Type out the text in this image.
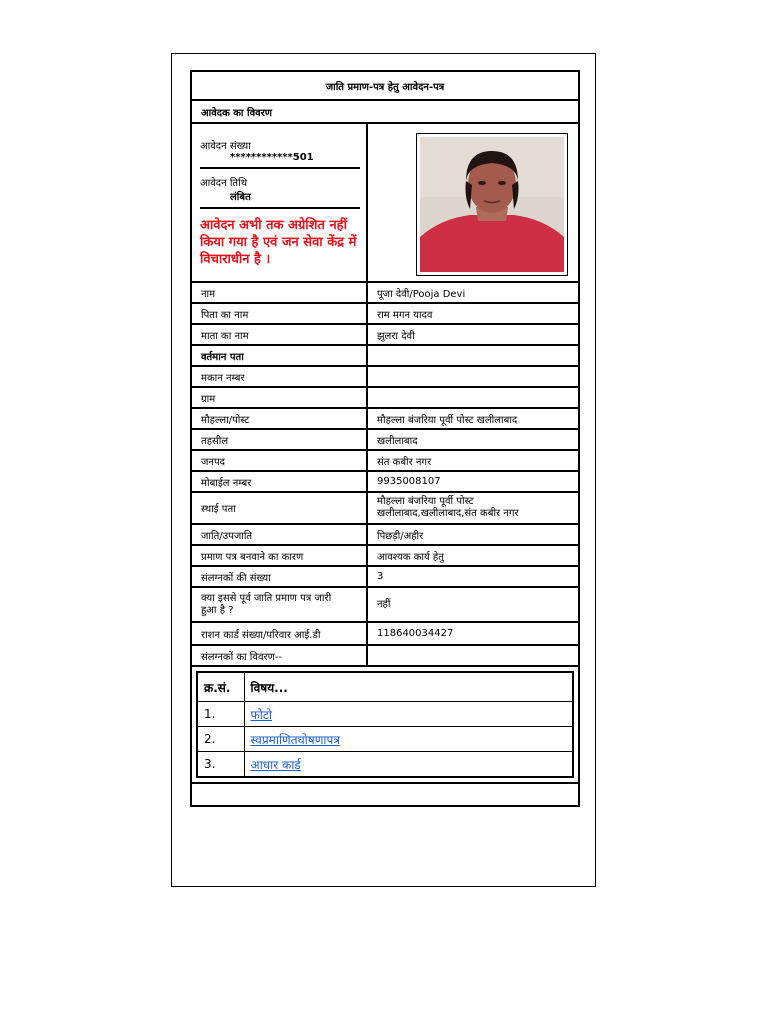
जाति प्रमाण-पत्र हेतु आवेदन-पत्र
आवेदक का विवरण

आवेदन संख्या
************501
आवेदन तिथि
लंबित
आवेदन अभी तक अग्रेशित नहीं किया गया है एवं जन सेवा केंद्र में विचाराधीन है ।

नाम	पूजा देवी/Pooja Devi
पिता का नाम	राम मगन यादव
माता का नाम	झुलरा देवी
वर्तमान पता	
मकान नम्बर	
ग्राम	
मौहल्ला/पोस्ट	मौहल्ला बंजरिया पूर्वी पोस्ट खलीलाबाद
तहसील	खलीलाबाद
जनपद	संत कबीर नगर
मोबाईल नम्बर	9935008107
स्थाई पता	मौहल्ला बंजरिया पूर्वी पोस्ट
खलीलाबाद,खलीलाबाद,संत कबीर नगर
जाति/उपजाति	पिछड़ी/अहीर
प्रमाण पत्र बनवाने का कारण	आवश्यक कार्य हेतु
संलग्नकों की संख्या	3
क्या इससे पूर्व जाति प्रमाण पत्र जारी
हुआ है ?	नहीं
राशन कार्ड संख्या/परिवार आई.डी	118640034427
संलग्नकों का विवरण--	

क्र.सं.	विषय...
1.	फोटो
2.	स्वप्रमाणितघोषणापत्र
3.	आधार कार्ड
